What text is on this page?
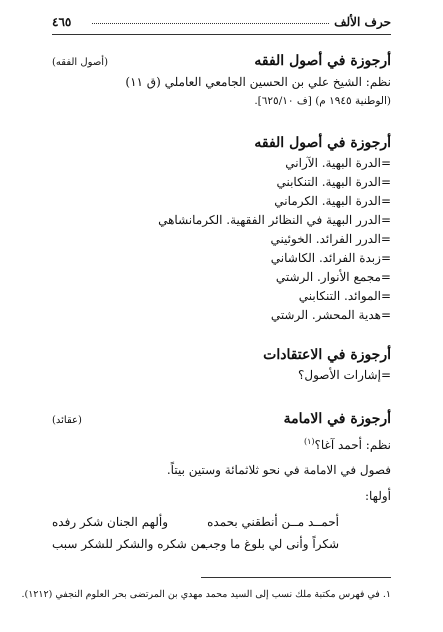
حرف الألف
٤٦٥
(أصول الفقه)	أرجوزة في أصول الفقه
نظم: الشيخ علي بن الحسين الجامعي العاملي (ق ١١)
(الوطنية ١٩٤٥ م) [ف ٦٢٥/١٠].
أرجوزة في أصول الفقه
=الدرة البهية. الآراني
=الدرة البهية. التنكابني
=الدرة البهية. الكرماني
=الدرر البهية في النظائر الفقهية. الكرمانشاهي
=الدرر الفرائد. الخوئيني
=زبدة الفرائد. الكاشاني
=مجمع الأنوار. الرشتي
=الموائد. التنكابني
=هدية المحشر. الرشتي
أرجوزة في الاعتقادات
=إشارات الأصول؟
(عقائد)	أرجوزة في الامامة
نظم: أحمد آغا؟$^{(١)}$
فصول في الامامة في نحو ثلاثمائة وستين بيتاً.
أولها:
أحمــد مــن أنطقني بحمده
وألهم الجنان شكر رفده
شكراً وأنى لي بلوغ ما وجب
من شكره والشكر للشكر سبب
١. في فهرس مكتبة ملك نسب إلى السيد محمد مهدي بن المرتضى بحر العلوم النجفي (١٢١٢).
